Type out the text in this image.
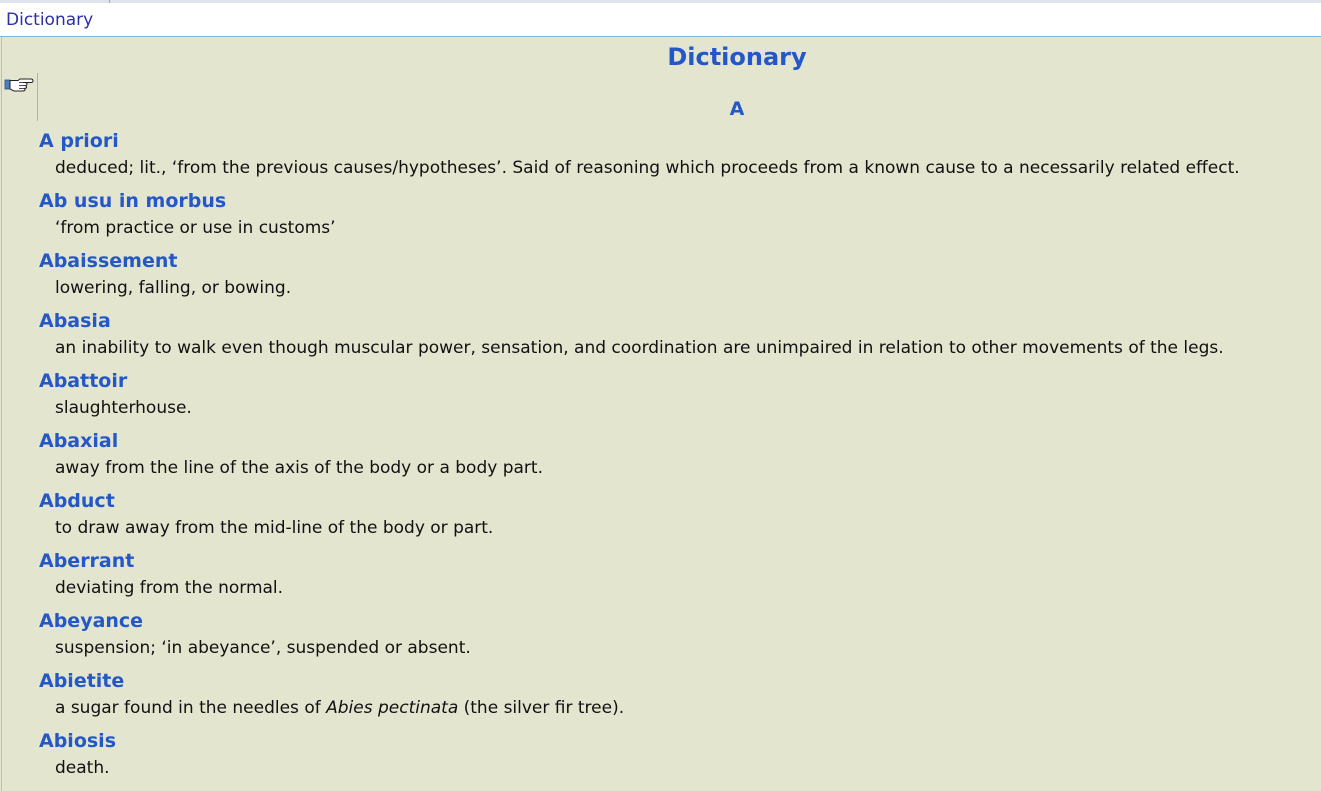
Dictionary
Dictionary
A
A priori
deduced; lit., ‘from the previous causes/hypotheses’. Said of reasoning which proceeds from a known cause to a necessarily related effect.
Ab usu in morbus
‘from practice or use in customs’
Abaissement
lowering, falling, or bowing.
Abasia
an inability to walk even though muscular power, sensation, and coordination are unimpaired in relation to other movements of the legs.
Abattoir
slaughterhouse.
Abaxial
away from the line of the axis of the body or a body part.
Abduct
to draw away from the mid-line of the body or part.
Aberrant
deviating from the normal.
Abeyance
suspension; ‘in abeyance’, suspended or absent.
Abietite
a sugar found in the needles of Abies pectinata (the silver fir tree).
Abiosis
death.
